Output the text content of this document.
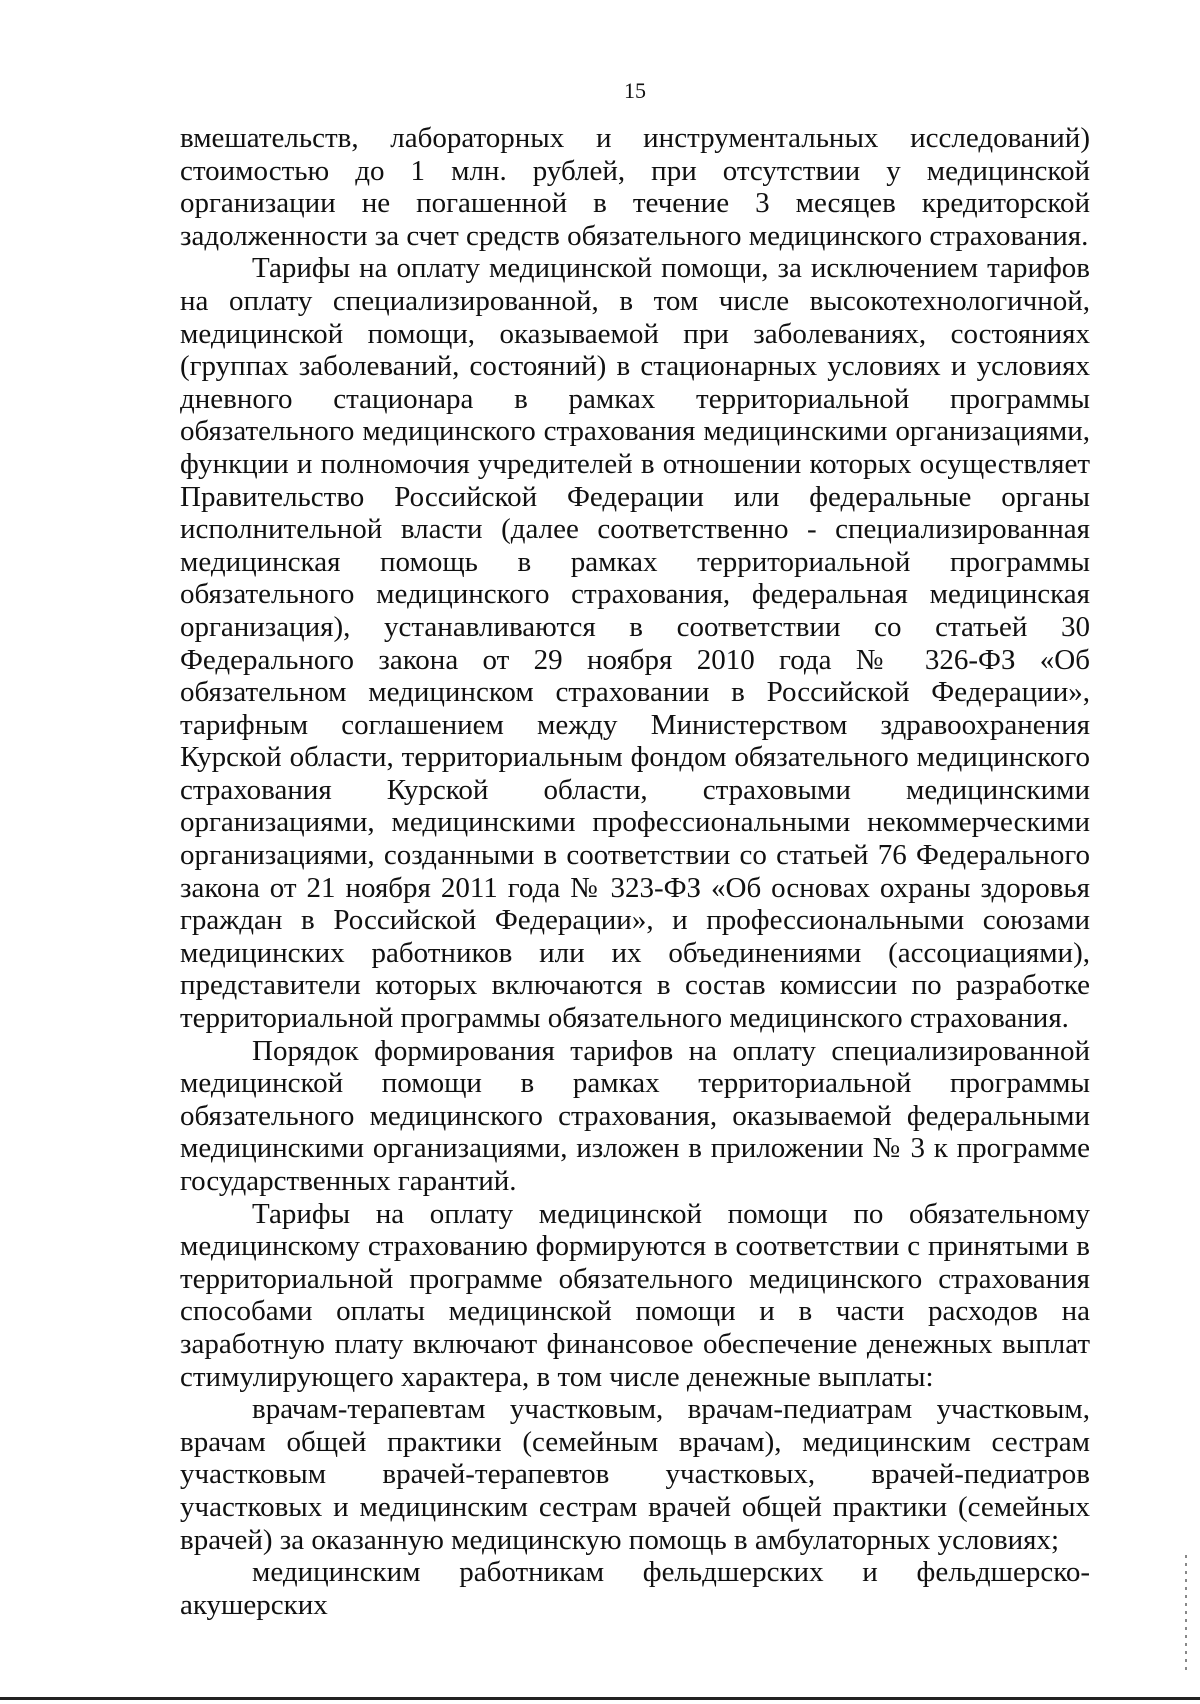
15

вмешательств, лабораторных и инструментальных исследований) стоимостью до 1 млн. рублей, при отсутствии у медицинской организации не погашенной в течение 3 месяцев кредиторской задолженности за счет средств обязательного медицинского страхования.

Тарифы на оплату медицинской помощи, за исключением тарифов на оплату специализированной, в том числе высокотехнологичной, медицинской помощи, оказываемой при заболеваниях, состояниях (группах заболеваний, состояний) в стационарных условиях и условиях дневного стационара в рамках территориальной программы обязательного медицинского страхования медицинскими организациями, функции и полномочия учредителей в отношении которых осуществляет Правительство Российской Федерации или федеральные органы исполнительной власти (далее соответственно - специализированная медицинская помощь в рамках территориальной программы обязательного медицинского страхования, федеральная медицинская организация), устанавливаются в соответствии со статьей 30 Федерального закона от 29 ноября 2010 года № 326-ФЗ «Об обязательном медицинском страховании в Российской Федерации», тарифным соглашением между Министерством здравоохранения Курской области, территориальным фондом обязательного медицинского страхования Курской области, страховыми медицинскими организациями, медицинскими профессиональными некоммерческими организациями, созданными в соответствии со статьей 76 Федерального закона от 21 ноября 2011 года № 323-ФЗ «Об основах охраны здоровья граждан в Российской Федерации», и профессиональными союзами медицинских работников или их объединениями (ассоциациями), представители которых включаются в состав комиссии по разработке территориальной программы обязательного медицинского страхования.

Порядок формирования тарифов на оплату специализированной медицинской помощи в рамках территориальной программы обязательного медицинского страхования, оказываемой федеральными медицинскими организациями, изложен в приложении № 3 к программе государственных гарантий.

Тарифы на оплату медицинской помощи по обязательному медицинскому страхованию формируются в соответствии с принятыми в территориальной программе обязательного медицинского страхования способами оплаты медицинской помощи и в части расходов на заработную плату включают финансовое обеспечение денежных выплат стимулирующего характера, в том числе денежные выплаты:

врачам-терапевтам участковым, врачам-педиатрам участковым, врачам общей практики (семейным врачам), медицинским сестрам участковым врачей-терапевтов участковых, врачей-педиатров участковых и медицинским сестрам врачей общей практики (семейных врачей) за оказанную медицинскую помощь в амбулаторных условиях;

медицинским работникам фельдшерских и фельдшерско-акушерских
